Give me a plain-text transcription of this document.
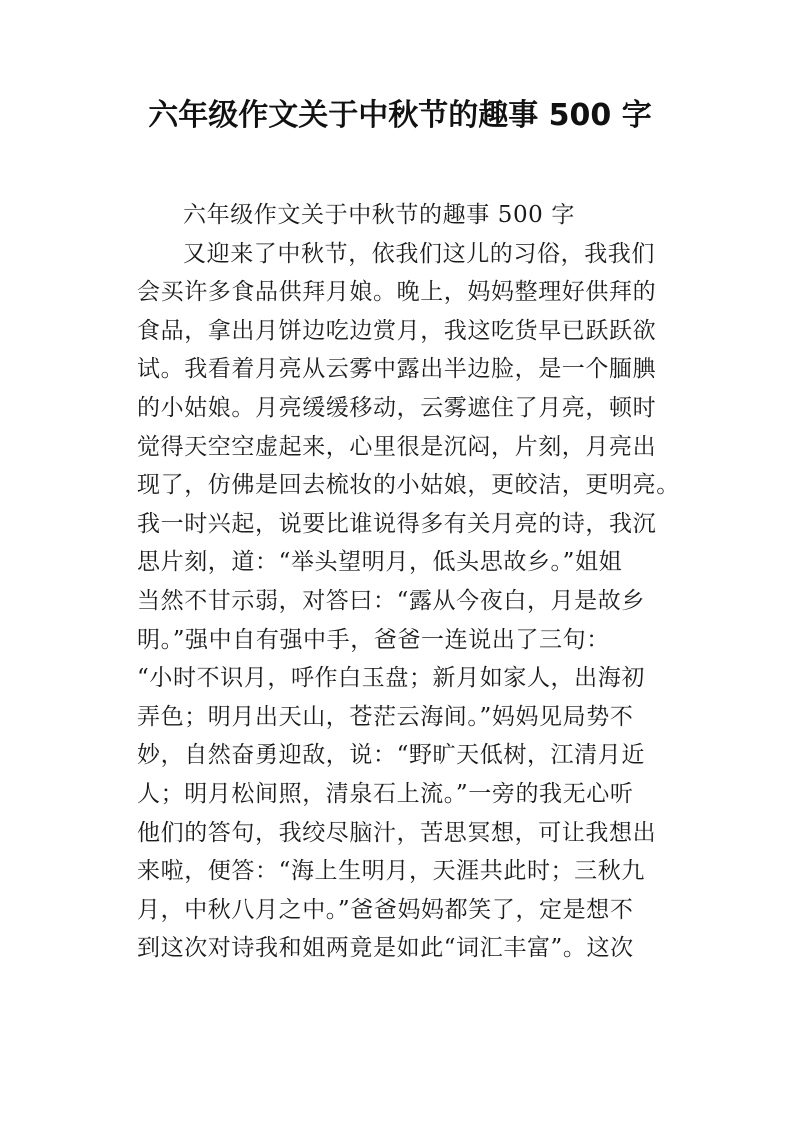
六年级作文关于中秋节的趣事 500 字
六年级作文关于中秋节的趣事 500 字
又迎来了中秋节，依我们这儿的习俗，我我们
会买许多食品供拜月娘。晚上，妈妈整理好供拜的
食品，拿出月饼边吃边赏月，我这吃货早已跃跃欲
试。我看着月亮从云雾中露出半边脸，是一个腼腆
的小姑娘。月亮缓缓移动，云雾遮住了月亮，顿时
觉得天空空虚起来，心里很是沉闷，片刻，月亮出
现了，仿佛是回去梳妆的小姑娘，更皎洁，更明亮。
我一时兴起，说要比谁说得多有关月亮的诗，我沉
思片刻，道：“举头望明月，低头思故乡。”姐姐
当然不甘示弱，对答曰：“露从今夜白，月是故乡
明。”强中自有强中手，爸爸一连说出了三句：
“小时不识月，呼作白玉盘；新月如家人，出海初
弄色；明月出天山，苍茫云海间。”妈妈见局势不
妙，自然奋勇迎敌，说：“野旷天低树，江清月近
人；明月松间照，清泉石上流。”一旁的我无心听
他们的答句，我绞尽脑汁，苦思冥想，可让我想出
来啦，便答：“海上生明月，天涯共此时；三秋九
月，中秋八月之中。”爸爸妈妈都笑了，定是想不
到这次对诗我和姐两竟是如此“词汇丰富”。这次
